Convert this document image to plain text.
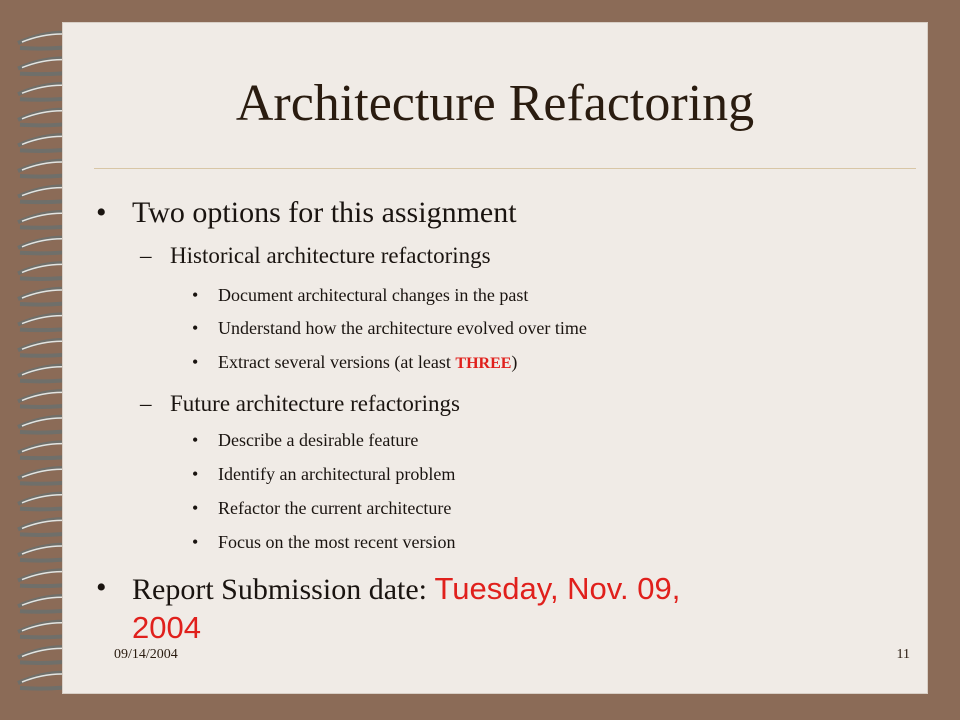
Architecture Refactoring
• Two options for this assignment
– Historical architecture refactorings
• Document architectural changes in the past
• Understand how the architecture evolved over time
• Extract several versions (at least THREE)
– Future architecture refactorings
• Describe a desirable feature
• Identify an architectural problem
• Refactor the current architecture
• Focus on the most recent version
• Report Submission date: Tuesday, Nov. 09,
2004
09/14/2004	11
